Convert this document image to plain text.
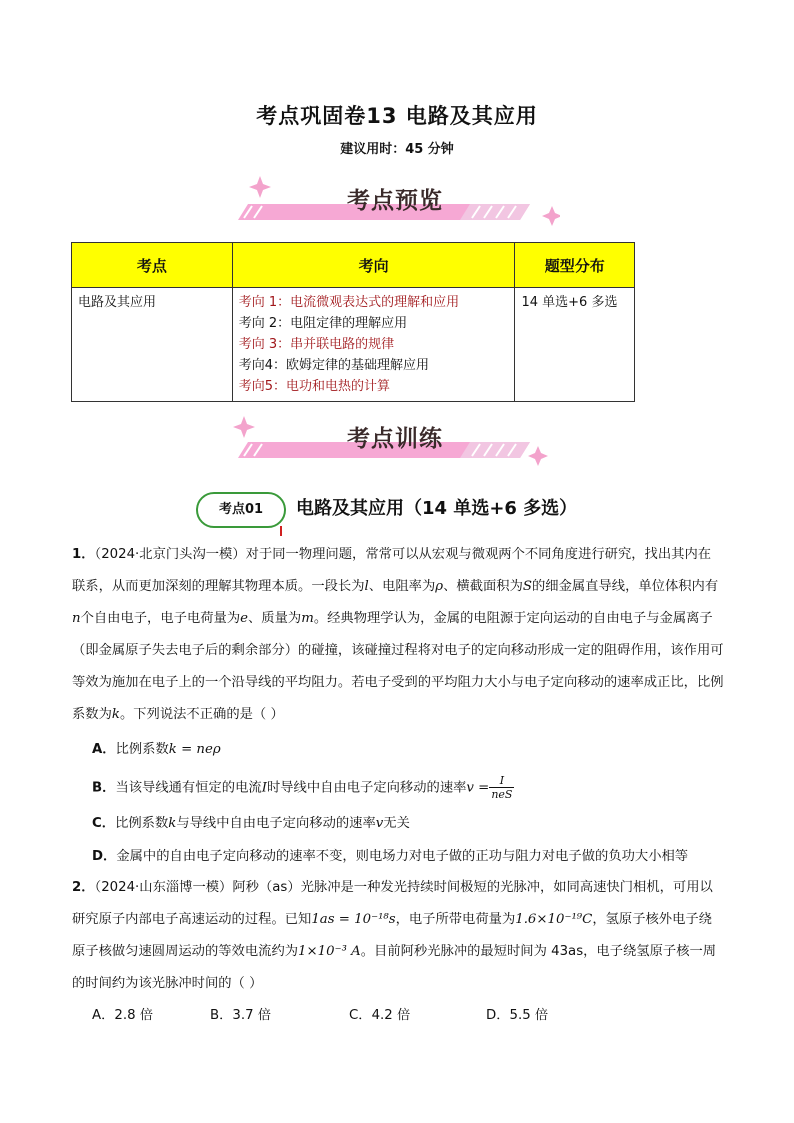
考点巩固卷13 电路及其应用
建议用时：45 分钟
考点预览
考点	考向	题型分布
电路及其应用	考向 1：电流微观表达式的理解和应用
考向 2：电阻定律的理解应用
考向 3：串并联电路的规律
考向4：欧姆定律的基础理解应用
考向5：电功和电热的计算	14 单选+6 多选
考点训练
考点01	电路及其应用（14 单选+6 多选）
1．（2024·北京门头沟一模）对于同一物理问题，常常可以从宏观与微观两个不同角度进行研究，找出其内在联系，从而更加深刻的理解其物理本质。一段长为l、电阻率为ρ、横截面积为S的细金属直导线，单位体积内有n个自由电子，电子电荷量为e、质量为m。经典物理学认为，金属的电阻源于定向运动的自由电子与金属离子（即金属原子失去电子后的剩余部分）的碰撞，该碰撞过程将对电子的定向移动形成一定的阻碍作用，该作用可等效为施加在电子上的一个沿导线的平均阻力。若电子受到的平均阻力大小与电子定向移动的速率成正比，比例系数为k。下列说法不正确的是（ ）
A．比例系数k = neρ
B．当该导线通有恒定的电流I时导线中自由电子定向移动的速率$v = \frac{I}{\text{neS}}$
C．比例系数k与导线中自由电子定向移动的速率v无关
D．金属中的自由电子定向移动的速率不变，则电场力对电子做的正功与阻力对电子做的负功大小相等
2．（2024·山东淄博一模）阿秒（as）光脉冲是一种发光持续时间极短的光脉冲，如同高速快门相机，可用以研究原子内部电子高速运动的过程。已知1as = 10⁻¹⁸s，电子所带电荷量为1.6×10⁻¹⁹C，氢原子核外电子绕原子核做匀速圆周运动的等效电流约为1×10⁻³ A。目前阿秒光脉冲的最短时间为 43as，电子绕氢原子核一周的时间约为该光脉冲时间的（ ）
A．2.8 倍	B．3.7 倍	C．4.2 倍	D．5.5 倍
